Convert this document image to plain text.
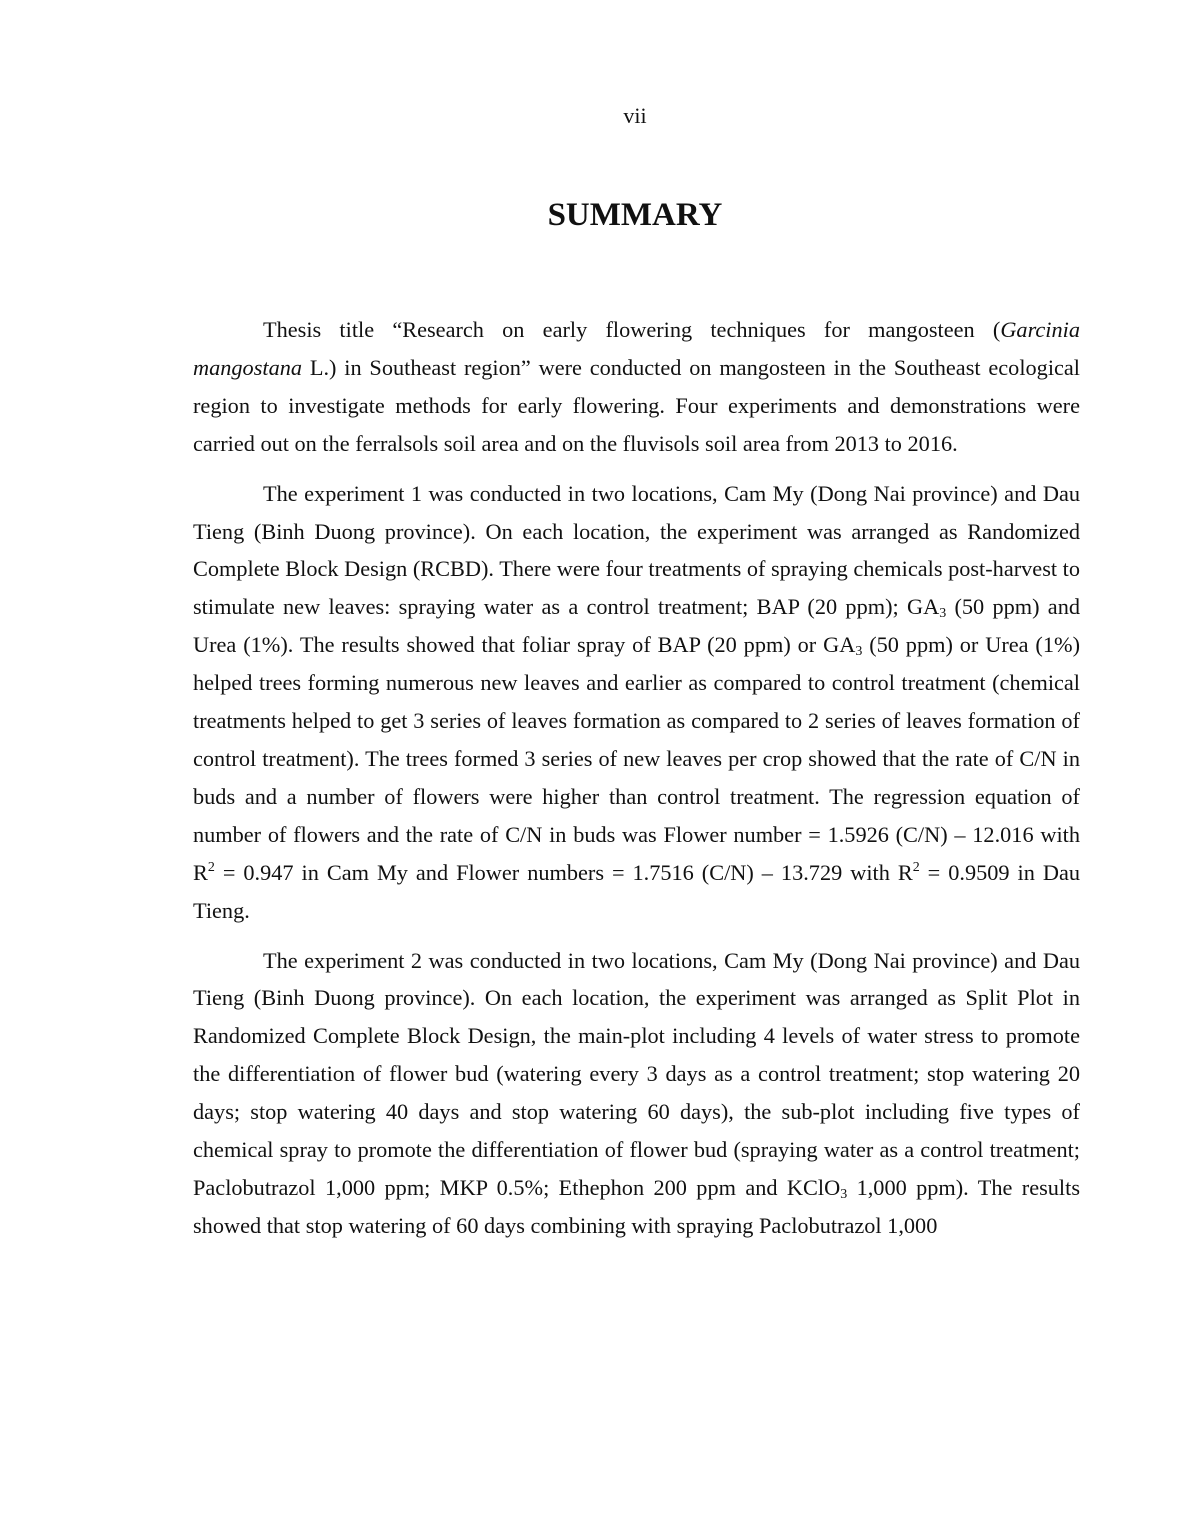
vii
SUMMARY

Thesis title “Research on early flowering techniques for mangosteen (Garcinia mangostana L.) in Southeast region” were conducted on mangosteen in the Southeast ecological region to investigate methods for early flowering. Four experiments and demonstrations were carried out on the ferralsols soil area and on the fluvisols soil area from 2013 to 2016.

The experiment 1 was conducted in two locations, Cam My (Dong Nai province) and Dau Tieng (Binh Duong province). On each location, the experiment was arranged as Randomized Complete Block Design (RCBD). There were four treatments of spraying chemicals post-harvest to stimulate new leaves: spraying water as a control treatment; BAP (20 ppm); $GA_3$ (50 ppm) and Urea (1%). The results showed that foliar spray of BAP (20 ppm) or $GA_3$ (50 ppm) or Urea (1%) helped trees forming numerous new leaves and earlier as compared to control treatment (chemical treatments helped to get 3 series of leaves formation as compared to 2 series of leaves formation of control treatment). The trees formed 3 series of new leaves per crop showed that the rate of C/N in buds and a number of flowers were higher than control treatment. The regression equation of number of flowers and the rate of C/N in buds was Flower number = 1.5926 (C/N) – 12.016 with $R^2 = 0.947$ in Cam My and Flower numbers = 1.7516 (C/N) – 13.729 with $R^2 = 0.9509$ in Dau Tieng.

The experiment 2 was conducted in two locations, Cam My (Dong Nai province) and Dau Tieng (Binh Duong province). On each location, the experiment was arranged as Split Plot in Randomized Complete Block Design, the main-plot including 4 levels of water stress to promote the differentiation of flower bud (watering every 3 days as a control treatment; stop watering 20 days; stop watering 40 days and stop watering 60 days), the sub-plot including five types of chemical spray to promote the differentiation of flower bud (spraying water as a control treatment; Paclobutrazol 1,000 ppm; MKP 0.5%; Ethephon 200 ppm and KClO$_3$ 1,000 ppm). The results showed that stop watering of 60 days combining with spraying Paclobutrazol 1,000
